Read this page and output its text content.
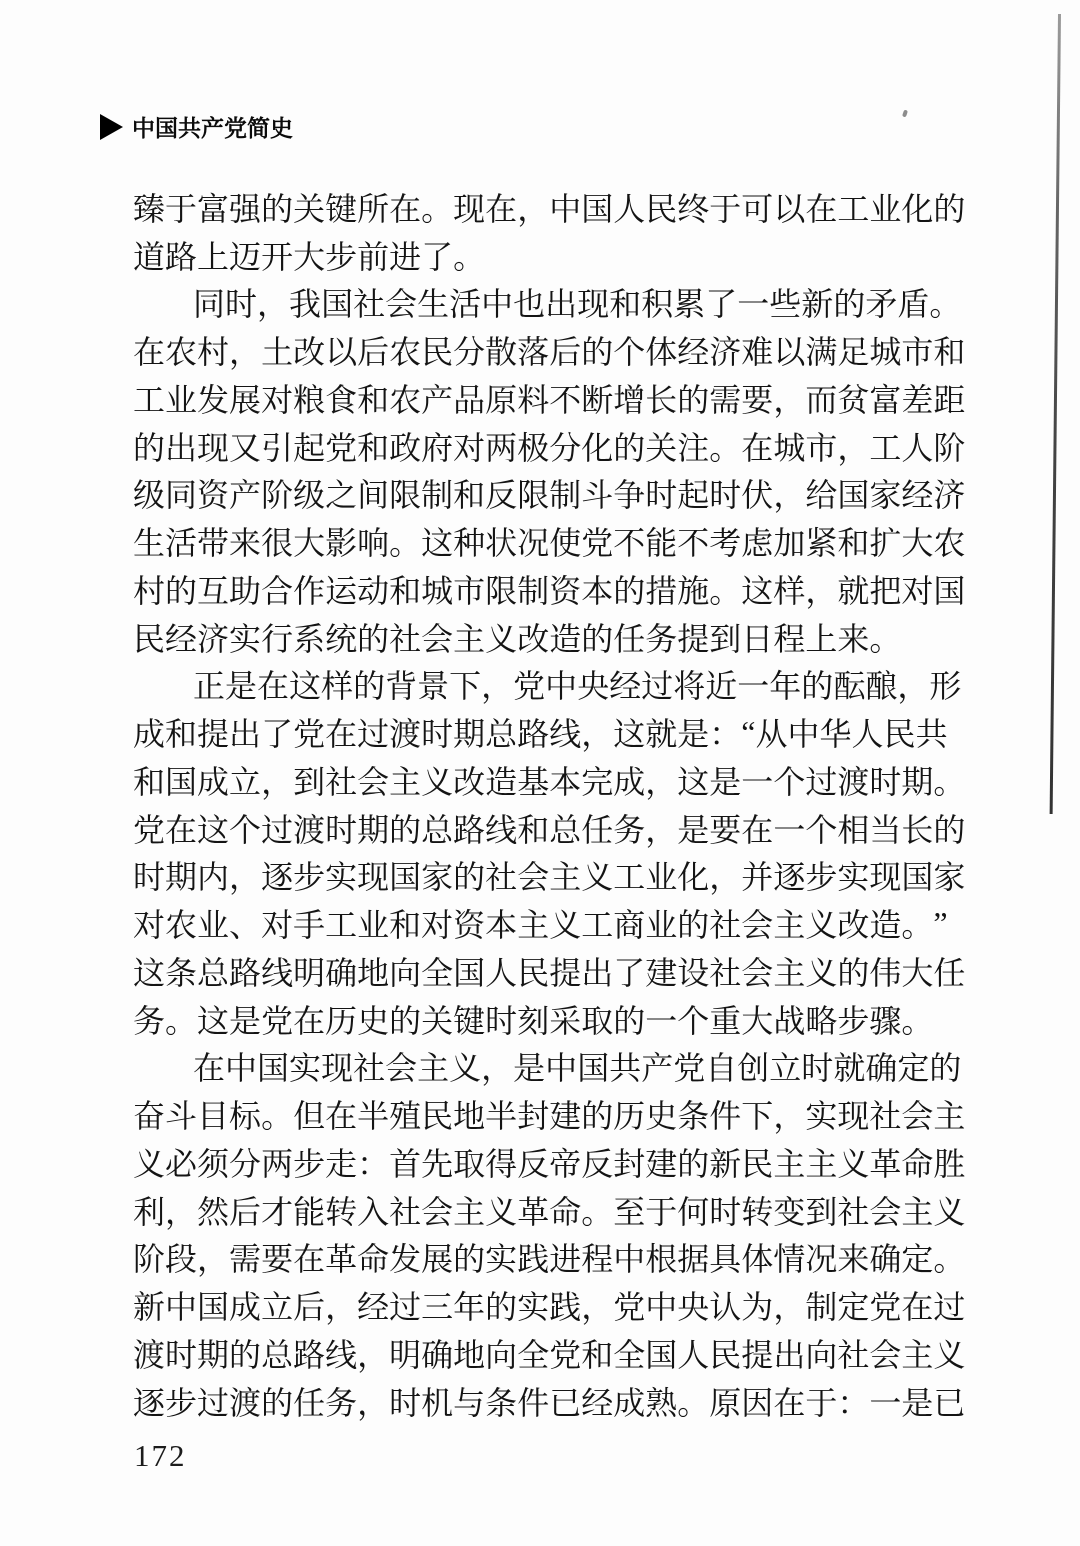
中国共产党简史
臻 于 富 强 的 关 键 所 在 。 现 在 ， 中 国 人 民 终 于 可 以 在 工 业 化 的
道 路 上 迈 开 大 步 前 进 了 。
同 时 ， 我 国 社 会 生 活 中 也 出 现 和 积 累 了 一 些 新 的 矛 盾 。
在 农 村 ， 土 改 以 后 农 民 分 散 落 后 的 个 体 经 济 难 以 满 足 城 市 和
工 业 发 展 对 粮 食 和 农 产 品 原 料 不 断 增 长 的 需 要 ， 而 贫 富 差 距
的 出 现 又 引 起 党 和 政 府 对 两 极 分 化 的 关 注 。 在 城 市 ， 工 人 阶
级 同 资 产 阶 级 之 间 限 制 和 反 限 制 斗 争 时 起 时 伏 ， 给 国 家 经 济
生 活 带 来 很 大 影 响 。 这 种 状 况 使 党 不 能 不 考 虑 加 紧 和 扩 大 农
村 的 互 助 合 作 运 动 和 城 市 限 制 资 本 的 措 施 。 这 样 ， 就 把 对 国
民 经 济 实 行 系 统 的 社 会 主 义 改 造 的 任 务 提 到 日 程 上 来 。
正 是 在 这 样 的 背 景 下 ， 党 中 央 经 过 将 近 一 年 的 酝 酿 ， 形
成 和 提 出 了 党 在 过 渡 时 期 总 路 线 ， 这 就 是 ： “ 从 中 华 人 民 共
和 国 成 立 ， 到 社 会 主 义 改 造 基 本 完 成 ， 这 是 一 个 过 渡 时 期 。
党 在 这 个 过 渡 时 期 的 总 路 线 和 总 任 务 ， 是 要 在 一 个 相 当 长 的
时 期 内 ， 逐 步 实 现 国 家 的 社 会 主 义 工 业 化 ， 并 逐 步 实 现 国 家
对 农 业 、 对 手 工 业 和 对 资 本 主 义 工 商 业 的 社 会 主 义 改 造 。 ”
这 条 总 路 线 明 确 地 向 全 国 人 民 提 出 了 建 设 社 会 主 义 的 伟 大 任
务 。 这 是 党 在 历 史 的 关 键 时 刻 采 取 的 一 个 重 大 战 略 步 骤 。
在 中 国 实 现 社 会 主 义 ， 是 中 国 共 产 党 自 创 立 时 就 确 定 的
奋 斗 目 标 。 但 在 半 殖 民 地 半 封 建 的 历 史 条 件 下 ， 实 现 社 会 主
义 必 须 分 两 步 走 ： 首 先 取 得 反 帝 反 封 建 的 新 民 主 主 义 革 命 胜
利 ， 然 后 才 能 转 入 社 会 主 义 革 命 。 至 于 何 时 转 变 到 社 会 主 义
阶 段 ， 需 要 在 革 命 发 展 的 实 践 进 程 中 根 据 具 体 情 况 来 确 定 。
新 中 国 成 立 后 ， 经 过 三 年 的 实 践 ， 党 中 央 认 为 ， 制 定 党 在 过
渡 时 期 的 总 路 线 ， 明 确 地 向 全 党 和 全 国 人 民 提 出 向 社 会 主 义
逐 步 过 渡 的 任 务 ， 时 机 与 条 件 已 经 成 熟 。 原 因 在 于 ： 一 是 已
172
